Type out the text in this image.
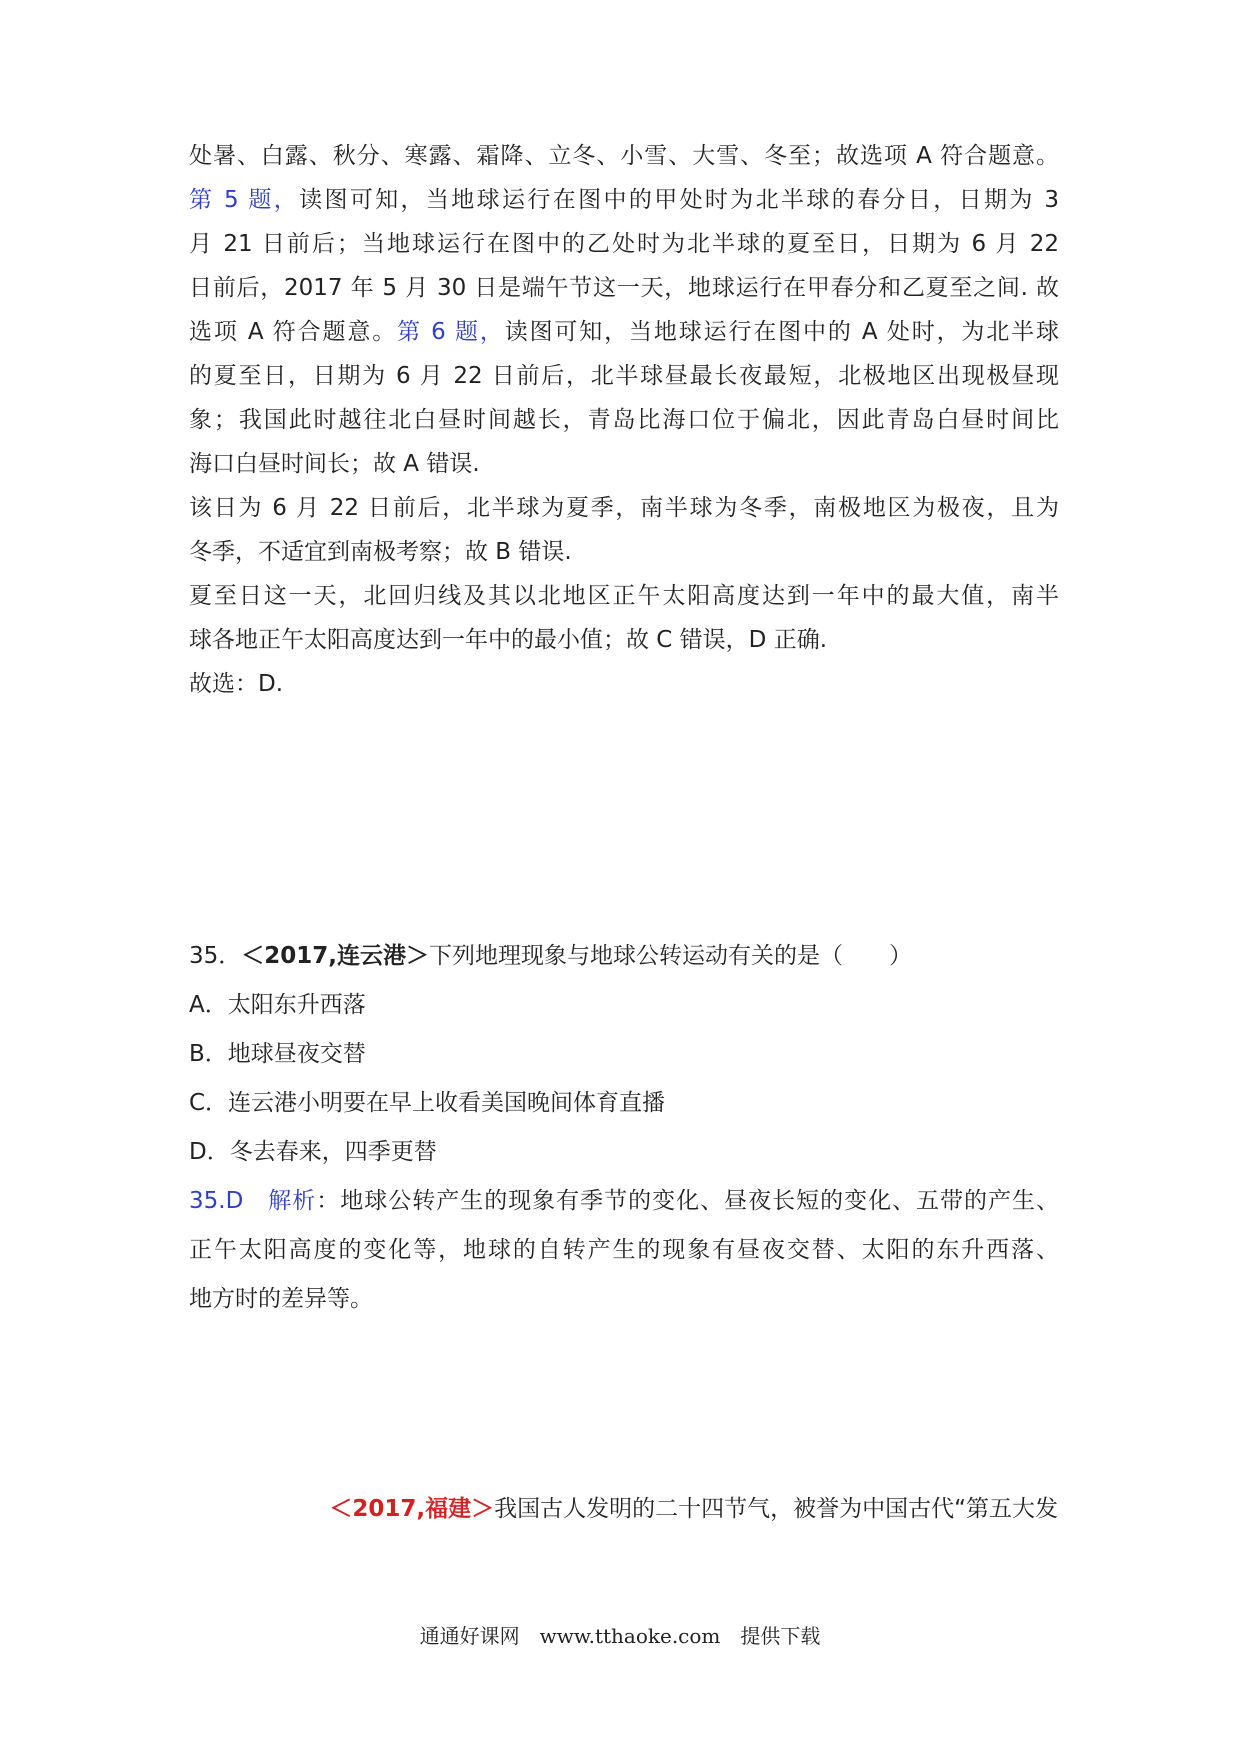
处暑、白露、秋分、寒露、霜降、立冬、小雪、大雪、冬至；故选项 A 符合题意。
第 5 题，读图可知，当地球运行在图中的甲处时为北半球的春分日，日期为 3
月 21 日前后；当地球运行在图中的乙处时为北半球的夏至日，日期为 6 月 22
日前后，2017 年 5 月 30 日是端午节这一天，地球运行在甲春分和乙夏至之间. 故
选项 A 符合题意。第 6 题，读图可知，当地球运行在图中的 A 处时，为北半球
的夏至日，日期为 6 月 22 日前后，北半球昼最长夜最短，北极地区出现极昼现
象；我国此时越往北白昼时间越长，青岛比海口位于偏北，因此青岛白昼时间比
海口白昼时间长；故 A 错误.
该日为 6 月 22 日前后，北半球为夏季，南半球为冬季，南极地区为极夜，且为
冬季，不适宜到南极考察；故 B 错误.
夏至日这一天，北回归线及其以北地区正午太阳高度达到一年中的最大值，南半
球各地正午太阳高度达到一年中的最小值；故 C 错误，D 正确.
故选：D.
35．＜2017,连云港＞下列地理现象与地球公转运动有关的是（　　）
A．太阳东升西落
B．地球昼夜交替
C．连云港小明要在早上收看美国晚间体育直播
D．冬去春来，四季更替
35.D　解析：地球公转产生的现象有季节的变化、昼夜长短的变化、五带的产生、
正午太阳高度的变化等，地球的自转产生的现象有昼夜交替、太阳的东升西落、
地方时的差异等。
＜2017,福建＞我国古人发明的二十四节气，被誉为中国古代“第五大发
通通好课网　www.tthaoke.com　提供下载
